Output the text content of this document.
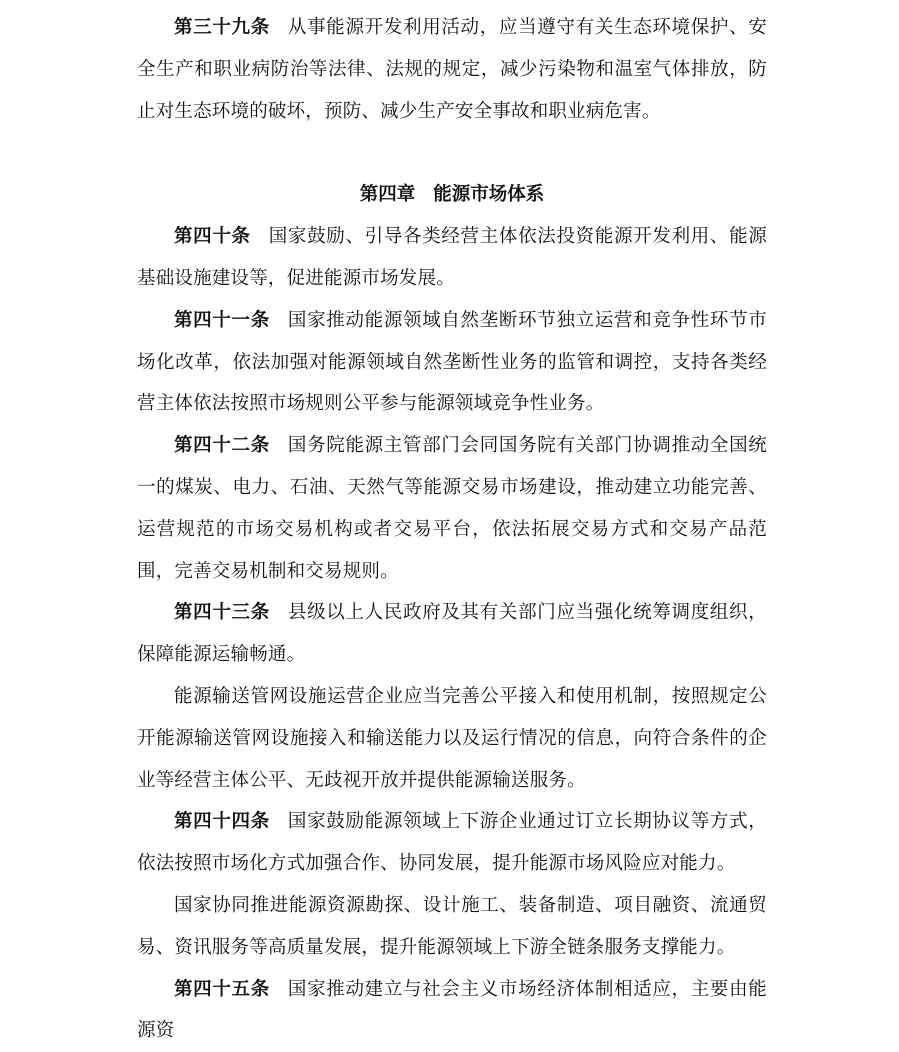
第三十九条 从事能源开发利用活动，应当遵守有关生态环境保护、安全生产和职业病防治等法律、法规的规定，减少污染物和温室气体排放，防止对生态环境的破坏，预防、减少生产安全事故和职业病危害。

第四章 能源市场体系

第四十条 国家鼓励、引导各类经营主体依法投资能源开发利用、能源基础设施建设等，促进能源市场发展。

第四十一条 国家推动能源领域自然垄断环节独立运营和竞争性环节市场化改革，依法加强对能源领域自然垄断性业务的监管和调控，支持各类经营主体依法按照市场规则公平参与能源领域竞争性业务。

第四十二条 国务院能源主管部门会同国务院有关部门协调推动全国统一的煤炭、电力、石油、天然气等能源交易市场建设，推动建立功能完善、运营规范的市场交易机构或者交易平台，依法拓展交易方式和交易产品范围，完善交易机制和交易规则。

第四十三条 县级以上人民政府及其有关部门应当强化统筹调度组织，保障能源运输畅通。

能源输送管网设施运营企业应当完善公平接入和使用机制，按照规定公开能源输送管网设施接入和输送能力以及运行情况的信息，向符合条件的企业等经营主体公平、无歧视开放并提供能源输送服务。

第四十四条 国家鼓励能源领域上下游企业通过订立长期协议等方式，依法按照市场化方式加强合作、协同发展，提升能源市场风险应对能力。

国家协同推进能源资源勘探、设计施工、装备制造、项目融资、流通贸易、资讯服务等高质量发展，提升能源领域上下游全链条服务支撑能力。

第四十五条 国家推动建立与社会主义市场经济体制相适应，主要由能源资
